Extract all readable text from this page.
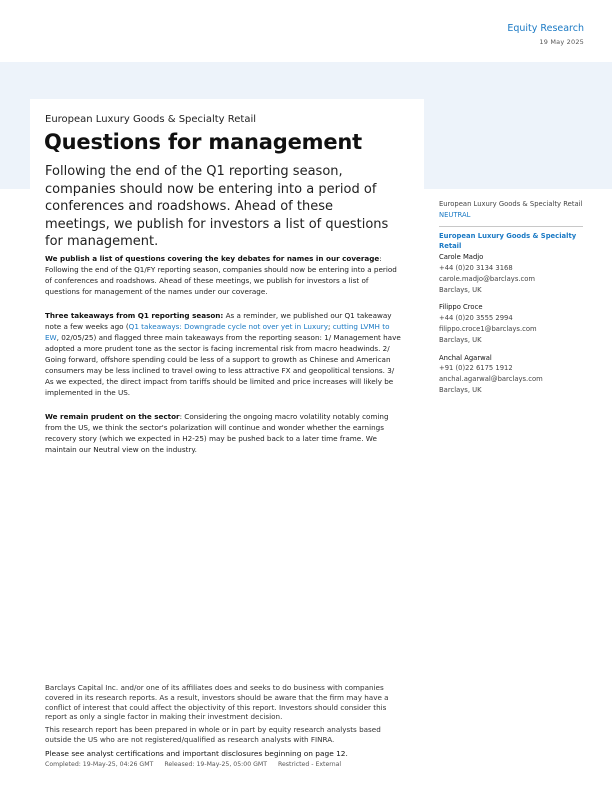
Equity Research
19 May 2025
European Luxury Goods & Specialty Retail
Questions for management
Following the end of the Q1 reporting season, companies should now be entering into a period of conferences and roadshows. Ahead of these meetings, we publish for investors a list of questions for management.

We publish a list of questions covering the key debates for names in our coverage: Following the end of the Q1/FY reporting season, companies should now be entering into a period of conferences and roadshows. Ahead of these meetings, we publish for investors a list of questions for management of the names under our coverage.

Three takeaways from Q1 reporting season: As a reminder, we published our Q1 takeaway note a few weeks ago (Q1 takeaways: Downgrade cycle not over yet in Luxury; cutting LVMH to EW, 02/05/25) and flagged three main takeaways from the reporting season: 1/ Management have adopted a more prudent tone as the sector is facing incremental risk from macro headwinds. 2/ Going forward, offshore spending could be less of a support to growth as Chinese and American consumers may be less inclined to travel owing to less attractive FX and geopolitical tensions. 3/ As we expected, the direct impact from tariffs should be limited and price increases will likely be implemented in the US.

We remain prudent on the sector: Considering the ongoing macro volatility notably coming from the US, we think the sector's polarization will continue and wonder whether the earnings recovery story (which we expected in H2-25) may be pushed back to a later time frame. We maintain our Neutral view on the industry.

European Luxury Goods & Specialty Retail
NEUTRAL
European Luxury Goods & Specialty Retail
Carole Madjo
+44 (0)20 3134 3168
carole.madjo@barclays.com
Barclays, UK
Filippo Croce
+44 (0)20 3555 2994
filippo.croce1@barclays.com
Barclays, UK
Anchal Agarwal
+91 (0)22 6175 1912
anchal.agarwal@barclays.com
Barclays, UK

Barclays Capital Inc. and/or one of its affiliates does and seeks to do business with companies covered in its research reports. As a result, investors should be aware that the firm may have a conflict of interest that could affect the objectivity of this report. Investors should consider this report as only a single factor in making their investment decision.

This research report has been prepared in whole or in part by equity research analysts based outside the US who are not registered/qualified as research analysts with FINRA.

Please see analyst certifications and important disclosures beginning on page 12.

Completed: 19-May-25, 04:26 GMT Released: 19-May-25, 05:00 GMT Restricted - External
